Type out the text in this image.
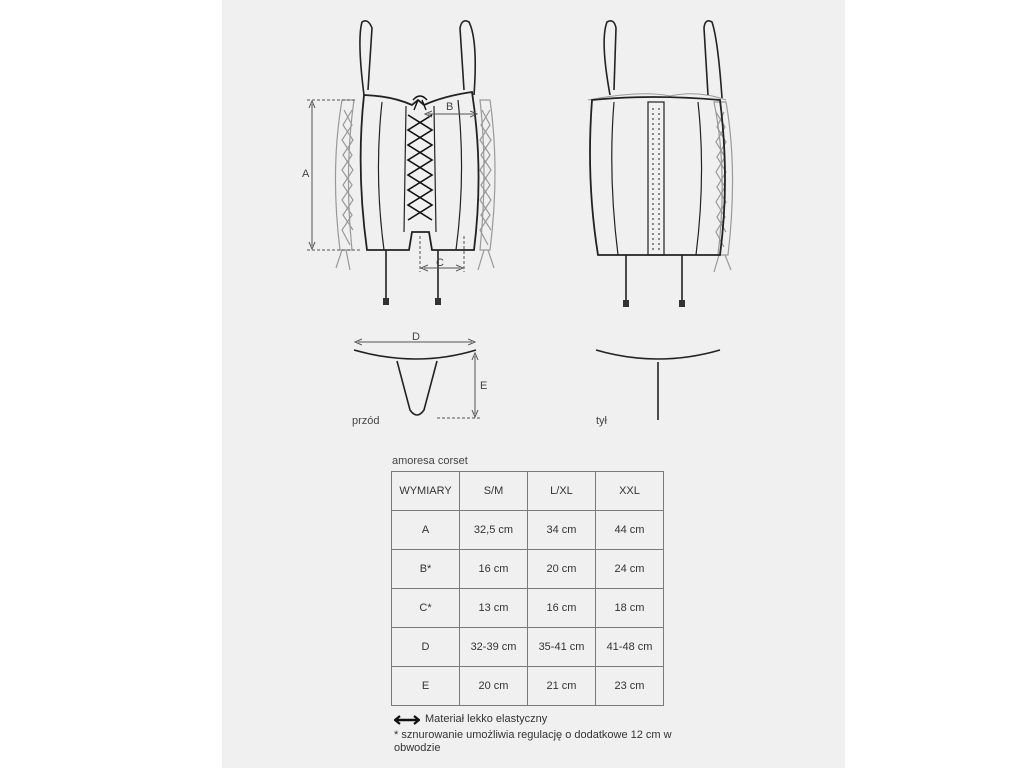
A
B
C
D
E
przód	tył
amoresa corset
WYMIARY	S/M	L/XL	XXL
A	32,5 cm	34 cm	44 cm
B*	16 cm	20 cm	24 cm
C*	13 cm	16 cm	18 cm
D	32-39 cm	35-41 cm	41-48 cm
E	20 cm	21 cm	23 cm
Materiał lekko elastyczny
* sznurowanie umożliwia regulację o dodatkowe 12 cm w obwodzie
